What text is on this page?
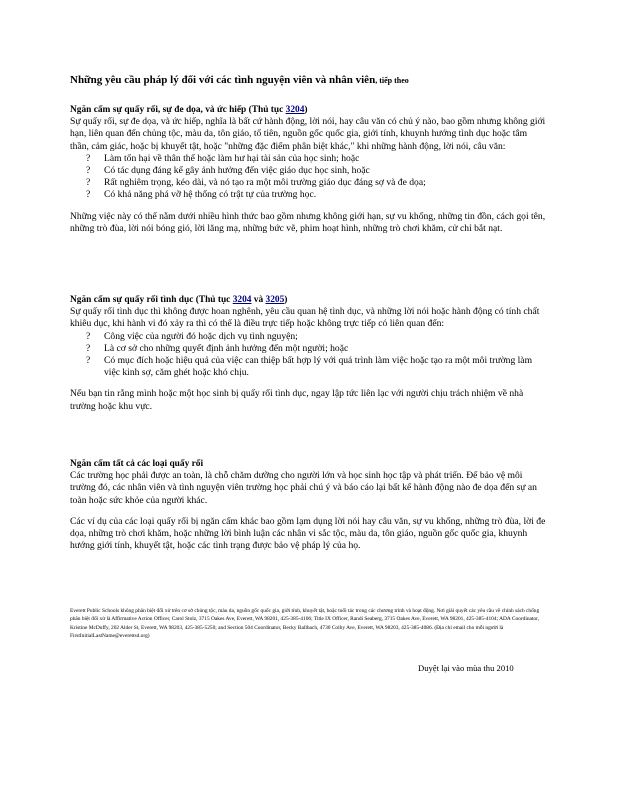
Những yêu cầu pháp lý đối với các tình nguyện viên và nhân viên, tiếp theo
Ngăn cấm sự quấy rối, sự đe dọa, và ức hiếp (Thủ tục 3204)

Sự quấy rối, sự đe dọa, và ức hiếp, nghĩa là bất cứ hành động, lời nói, hay câu văn có chủ ý nào, bao gồm nhưng không giới hạn, liên quan đến chủng tộc, màu da, tôn giáo, tổ tiên, nguồn gốc quốc gia, giới tính, khuynh hướng tình dục hoặc tâm thần, cảm giác, hoặc bị khuyết tật, hoặc "những đặc điểm phân biệt khác," khi những hành động, lời nói, câu văn:

? Làm tổn hại về thân thể hoặc làm hư hại tài sản của học sinh; hoặc
? Có tác dụng đáng kể gây ảnh hưởng đến việc giáo dục học sinh, hoặc
? Rất nghiêm trọng, kéo dài, và nó tạo ra một môi trường giáo dục đáng sợ và đe dọa;
? Có khả năng phá vỡ hệ thống có trật tự của trường học.

Những việc này có thể nằm dưới nhiều hình thức bao gồm nhưng không giới hạn, sự vu khống, những tin đồn, cách gọi tên, những trò đùa, lời nói bóng gió, lời lăng mạ, những bức vẽ, phim hoạt hình, những trò chơi khăm, cử chỉ bắt nạt.

Ngăn cấm sự quấy rối tình dục (Thủ tục 3204 và 3205)

Sự quấy rối tình dục thì không được hoan nghênh, yêu cầu quan hệ tình dục, và những lời nói hoặc hành động có tính chất khiêu dục, khi hành vi đó xảy ra thì có thể là điều trực tiếp hoặc không trực tiếp có liên quan đến:

? Công việc của người đó hoặc dịch vụ tình nguyện;
? Là cơ sở cho những quyết định ảnh hưởng đến một người; hoặc
? Có mục đích hoặc hiệu quả của việc can thiệp bất hợp lý với quá trình làm việc hoặc tạo ra một môi trường làm việc kinh sợ, căm ghét hoặc khó chịu.

Nếu bạn tin rằng mình hoặc một học sinh bị quấy rối tình dục, ngay lập tức liên lạc với người chịu trách nhiệm về nhà trường hoặc khu vực.

Ngăn cấm tất cả các loại quấy rối

Các trường học phải được an toàn, là chỗ chăm dưỡng cho người lớn và học sinh học tập và phát triển. Để bảo vệ môi trường đó, các nhân viên và tình nguyện viên trường học phải chú ý và báo cáo lại bất kể hành động nào đe dọa đến sự an toàn hoặc sức khỏe của người khác.

Các ví dụ của các loại quấy rối bị ngăn cấm khác bao gồm lạm dụng lời nói hay câu văn, sự vu khống, những trò đùa, lời đe dọa, những trò chơi khăm, hoặc những lời bình luận các nhân vi sắc tộc, màu da, tôn giáo, nguồn gốc quốc gia, khuynh hướng giới tính, khuyết tật, hoặc các tình trạng được bảo vệ pháp lý của họ.

Everett Public Schools không phân biệt đối xử trên cơ sở chủng tộc, màu da, nguồn gốc quốc gia, giới tính, khuyết tật, hoặc tuổi tác trong các chương trình và hoạt động. Nơi giải quyết các yêu cầu về chính sách chống phân biệt đối xử là Affirmative Action Officer, Carol Stolz, 3715 Oakes Ave, Everett, WA 98201, 425-385-4106; Title IX Officer, Randi Seaberg, 3715 Oakes Ave, Everett, WA 98201, 425-385-4104; ADA Coordinator, Kristine McDuffy, 202 Alder St, Everett, WA 98203, 425-385-5250; and Section 504 Coordinator, Becky Ballbach, 4730 Colby Ave, Everett, WA 98203, 425-385-4086. (Địa chỉ email cho mỗi người là FirstInitialLastName@everettsd.org)
Duyệt lại vào mùa thu 2010
